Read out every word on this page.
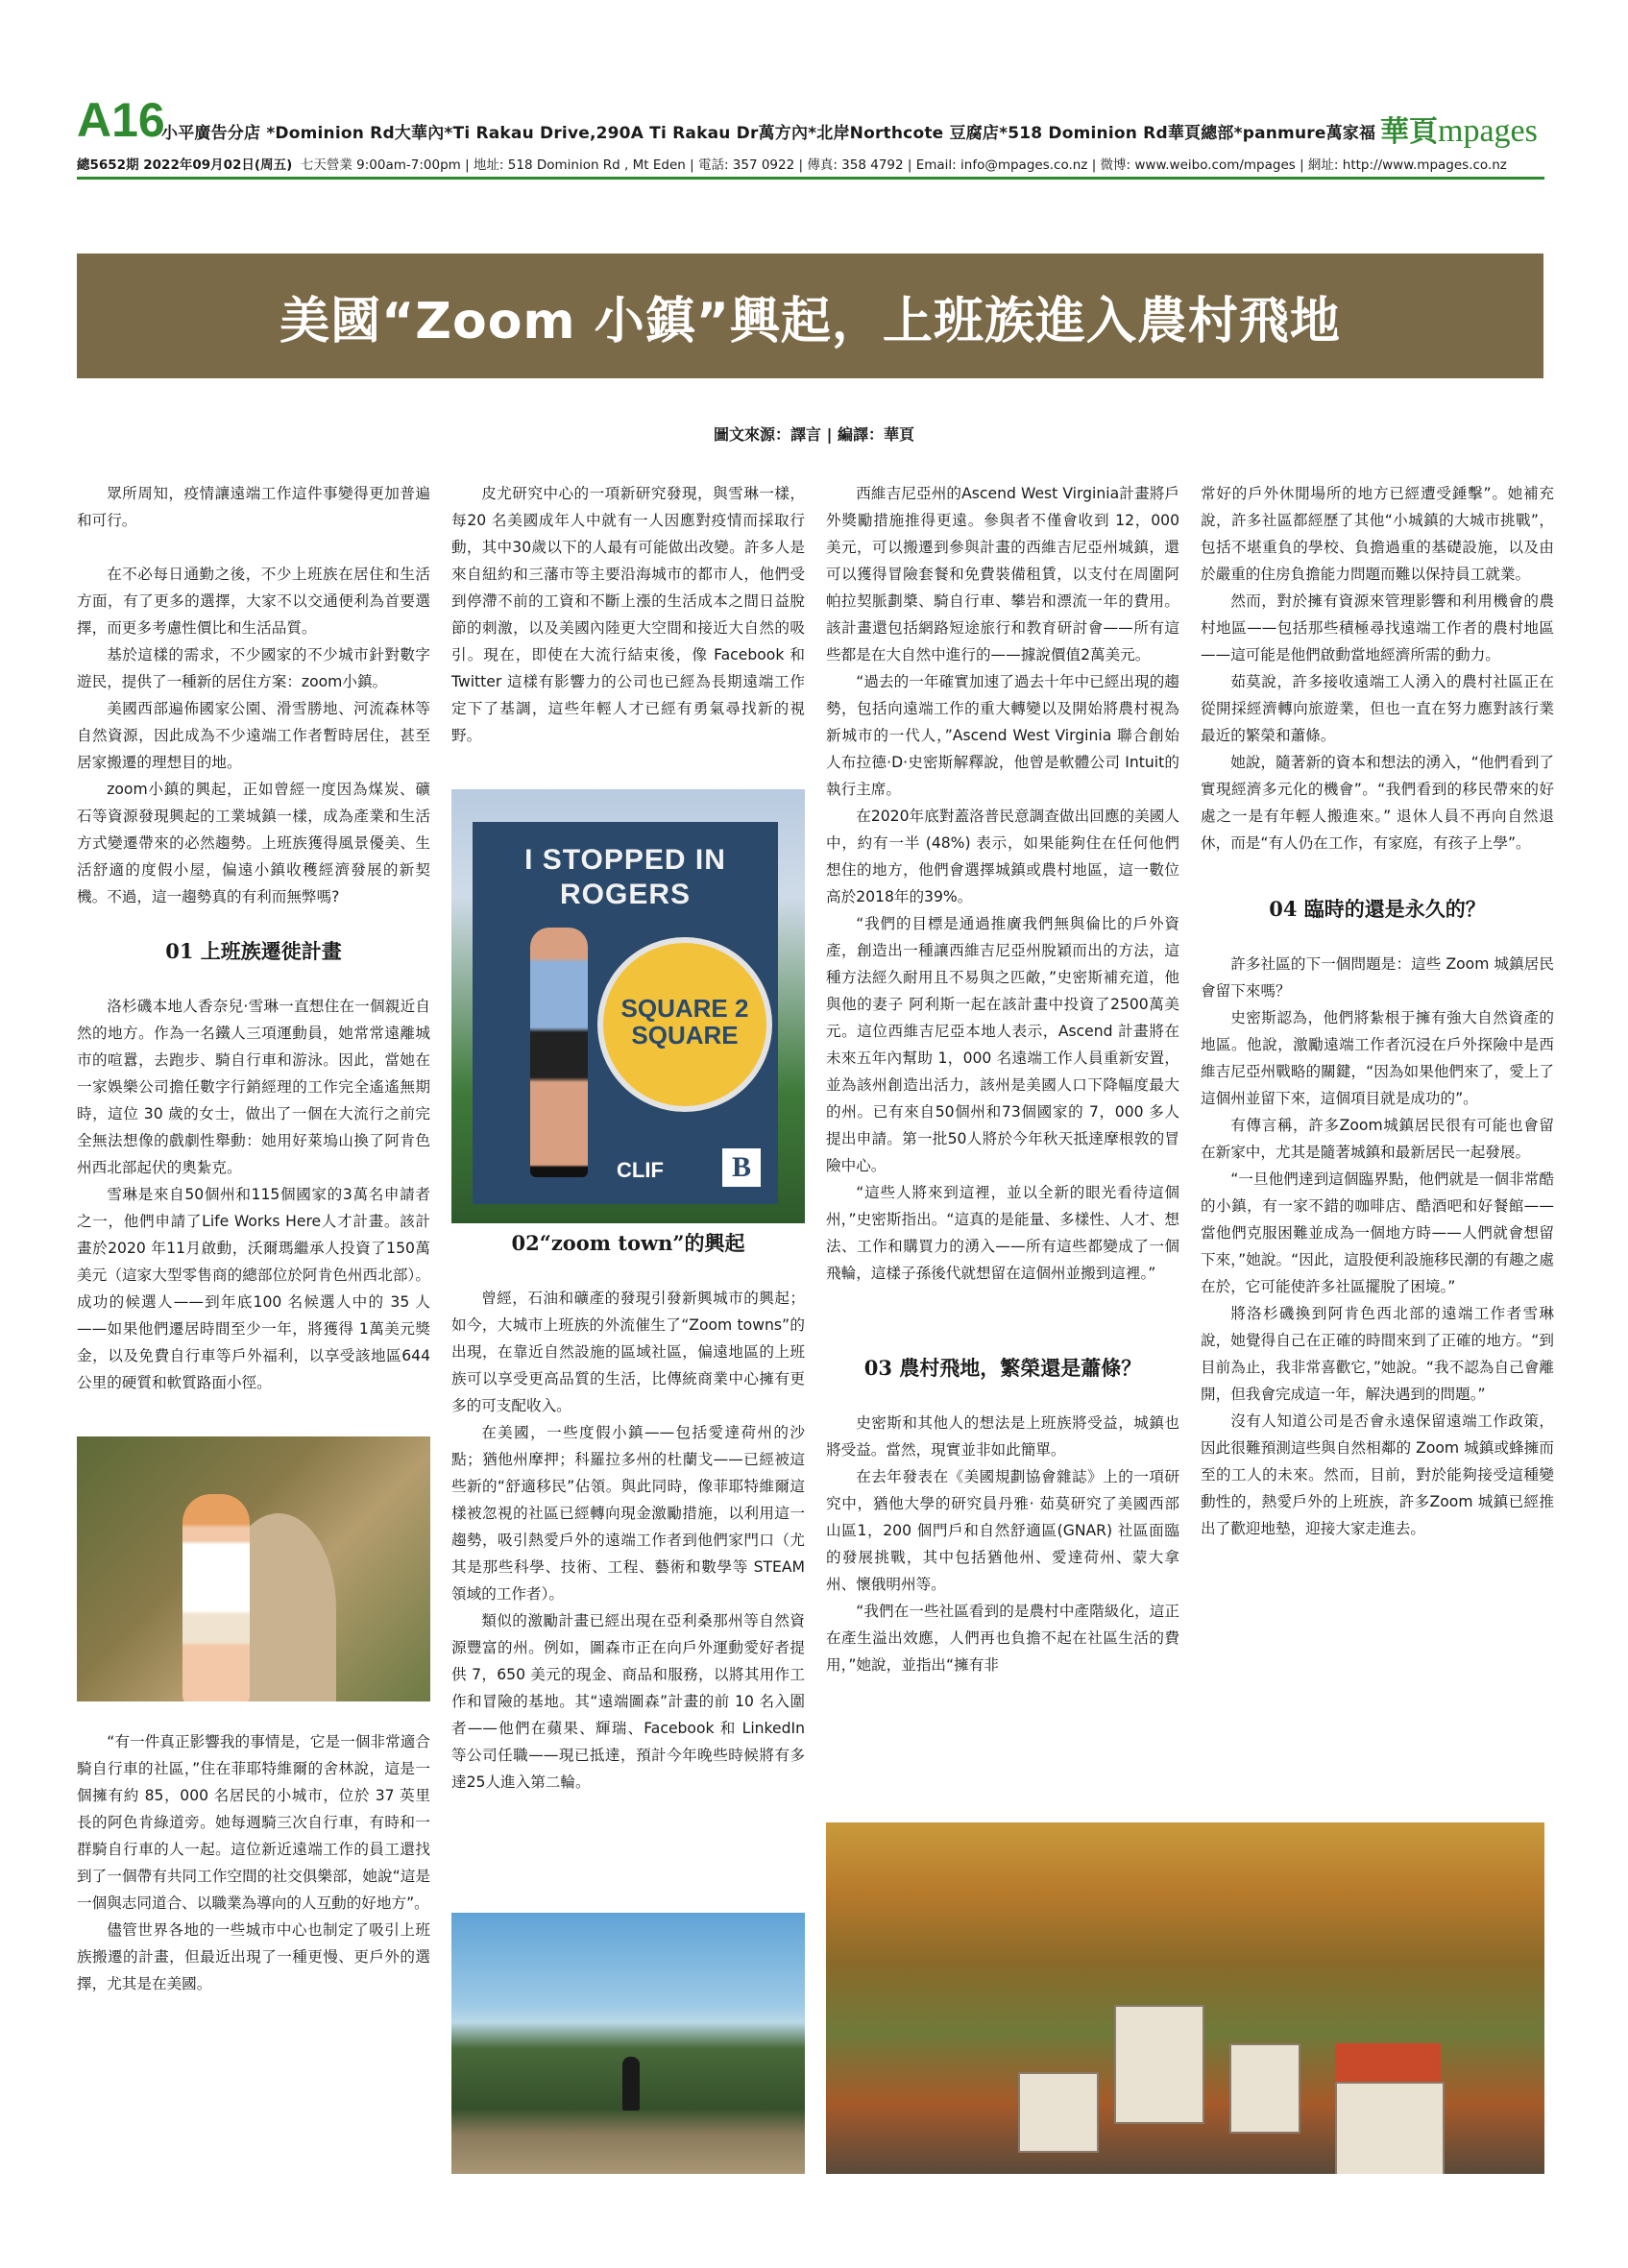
A16
小平廣告分店 *Dominion Rd大華內*Ti Rakau Drive,290A Ti Rakau Dr萬方內*北岸Northcote 豆腐店*518 Dominion Rd華頁總部*panmure萬家福 華頁mpages
總5652期 2022年09月02日(周五) 七天營業 9:00am-7:00pm | 地址: 518 Dominion Rd , Mt Eden | 電話: 357 0922 | 傳真: 358 4792 | Email: info@mpages.co.nz | 微博: www.weibo.com/mpages | 網址: http://www.mpages.co.nz
美國“Zoom 小鎮”興起，上班族進入農村飛地
圖文來源：譯言 | 編譯：華頁

眾所周知，疫情讓遠端工作這件事變得更加普遍和可行。

在不必每日通勤之後，不少上班族在居住和生活方面，有了更多的選擇，大家不以交通便利為首要選擇，而更多考慮性價比和生活品質。

基於這樣的需求，不少國家的不少城市針對數字遊民，提供了一種新的居住方案：zoom小鎮。

美國西部遍佈國家公園、滑雪勝地、河流森林等自然資源，因此成為不少遠端工作者暫時居住，甚至居家搬遷的理想目的地。

zoom小鎮的興起，正如曾經一度因為煤炭、礦石等資源發現興起的工業城鎮一樣，成為產業和生活方式變遷帶來的必然趨勢。上班族獲得風景優美、生活舒適的度假小屋，偏遠小鎮收穫經濟發展的新契機。不過，這一趨勢真的有利而無弊嗎?

01 上班族遷徙計畫

洛杉磯本地人香奈兒·雪琳一直想住在一個親近自然的地方。作為一名鐵人三項運動員，她常常遠離城市的喧囂，去跑步、騎自行車和游泳。因此，當她在一家娛樂公司擔任數字行銷經理的工作完全遙遙無期時，這位 30 歲的女士，做出了一個在大流行之前完全無法想像的戲劇性舉動：她用好萊塢山換了阿肯色州西北部起伏的奧紮克。

雪琳是來自50個州和115個國家的3萬名申請者之一，他們申請了Life Works Here人才計畫。該計畫於2020 年11月啟動，沃爾瑪繼承人投資了150萬美元（這家大型零售商的總部位於阿肯色州西北部）。成功的候選人——到年底100 名候選人中的 35 人——如果他們遷居時間至少一年，將獲得 1萬美元獎金，以及免費自行車等戶外福利，以享受該地區644公里的硬質和軟質路面小徑。

“有一件真正影響我的事情是，它是一個非常適合騎自行車的社區，”住在菲耶特維爾的舍林說，這是一個擁有約 85，000 名居民的小城市，位於 37 英里長的阿色肯綠道旁。她每週騎三次自行車，有時和一群騎自行車的人一起。這位新近遠端工作的員工還找到了一個帶有共同工作空間的社交俱樂部，她說“這是一個與志同道合、以職業為導向的人互動的好地方”。

儘管世界各地的一些城市中心也制定了吸引上班族搬遷的計畫，但最近出現了一種更慢、更戶外的選擇，尤其是在美國。

皮尤研究中心的一項新研究發現，與雪琳一樣，每20 名美國成年人中就有一人因應對疫情而採取行動，其中30歲以下的人最有可能做出改變。許多人是來自紐約和三藩市等主要沿海城市的都市人，他們受到停滯不前的工資和不斷上漲的生活成本之間日益脫節的刺激，以及美國內陸更大空間和接近大自然的吸引。現在，即使在大流行結束後，像 Facebook 和 Twitter 這樣有影響力的公司也已經為長期遠端工作定下了基調，這些年輕人才已經有勇氣尋找新的視野。

I STOPPED IN ROGERS
SQUARE 2 SQUARE
CLIF	B
02“zoom town”的興起

曾經，石油和礦產的發現引發新興城市的興起；如今，大城市上班族的外流催生了“Zoom towns”的出現，在靠近自然設施的區域社區，偏遠地區的上班族可以享受更高品質的生活，比傳統商業中心擁有更多的可支配收入。

在美國，一些度假小鎮——包括愛達荷州的沙點；猶他州摩押；科羅拉多州的杜蘭戈——已經被這些新的“舒適移民”佔領。與此同時，像菲耶特維爾這樣被忽視的社區已經轉向現金激勵措施，以利用這一趨勢，吸引熱愛戶外的遠端工作者到他們家門口（尤其是那些科學、技術、工程、藝術和數學等 STEAM 領域的工作者）。

類似的激勵計畫已經出現在亞利桑那州等自然資源豐富的州。例如，圖森市正在向戶外運動愛好者提供 7，650 美元的現金、商品和服務，以將其用作工作和冒險的基地。其“遠端圖森”計畫的前 10 名入圍者——他們在蘋果、輝瑞、Facebook 和 LinkedIn 等公司任職——現已抵達，預計今年晚些時候將有多達25人進入第二輪。

西維吉尼亞州的Ascend West Virginia計畫將戶外獎勵措施推得更遠。參與者不僅會收到 12，000 美元，可以搬遷到參與計畫的西維吉尼亞州城鎮，還可以獲得冒險套餐和免費裝備租賃，以支付在周圍阿帕拉契脈劃槳、騎自行車、攀岩和漂流一年的費用。該計畫還包括網路短途旅行和教育研討會——所有這些都是在大自然中進行的——據說價值2萬美元。

“過去的一年確實加速了過去十年中已經出現的趨勢，包括向遠端工作的重大轉變以及開始將農村視為新城市的一代人，”Ascend West Virginia 聯合創始人布拉德·D·史密斯解釋說，他曾是軟體公司 Intuit的執行主席。

在2020年底對蓋洛普民意調查做出回應的美國人中，約有一半 (48%) 表示，如果能夠住在任何他們想住的地方，他們會選擇城鎮或農村地區，這一數位高於2018年的39%。

“我們的目標是通過推廣我們無與倫比的戶外資產，創造出一種讓西維吉尼亞州脫穎而出的方法，這種方法經久耐用且不易與之匹敵，”史密斯補充道，他與他的妻子 阿利斯一起在該計畫中投資了2500萬美元。這位西維吉尼亞本地人表示，Ascend 計畫將在未來五年內幫助 1，000 名遠端工作人員重新安置，並為該州創造出活力，該州是美國人口下降幅度最大的州。已有來自50個州和73個國家的 7，000 多人提出申請。第一批50人將於今年秋天抵達摩根敦的冒險中心。

“這些人將來到這裡，並以全新的眼光看待這個州，”史密斯指出。“這真的是能量、多樣性、人才、想法、工作和購買力的湧入——所有這些都變成了一個飛輪，這樣子孫後代就想留在這個州並搬到這裡。”

03 農村飛地，繁榮還是蕭條？

史密斯和其他人的想法是上班族將受益，城鎮也將受益。當然，現實並非如此簡單。

在去年發表在《美國規劃協會雜誌》上的一項研究中，猶他大學的研究員丹雅· 茹莫研究了美國西部山區1，200 個門戶和自然舒適區(GNAR) 社區面臨的發展挑戰，其中包括猶他州、愛達荷州、蒙大拿州、懷俄明州等。

“我們在一些社區看到的是農村中產階級化，這正在產生溢出效應，人們再也負擔不起在社區生活的費用，”她說，並指出“擁有非

常好的戶外休閒場所的地方已經遭受錘擊”。她補充說，許多社區都經歷了其他“小城鎮的大城市挑戰”，包括不堪重負的學校、負擔過重的基礎設施，以及由於嚴重的住房負擔能力問題而難以保持員工就業。

然而，對於擁有資源來管理影響和利用機會的農村地區——包括那些積極尋找遠端工作者的農村地區——這可能是他們啟動當地經濟所需的動力。

茹莫說，許多接收遠端工人湧入的農村社區正在從開採經濟轉向旅遊業，但也一直在努力應對該行業最近的繁榮和蕭條。

她說，隨著新的資本和想法的湧入，“他們看到了實現經濟多元化的機會”。“我們看到的移民帶來的好處之一是有年輕人搬進來。” 退休人員不再向自然退休，而是“有人仍在工作，有家庭，有孩子上學”。

04 臨時的還是永久的？

許多社區的下一個問題是：這些 Zoom 城鎮居民會留下來嗎？

史密斯認為，他們將紮根于擁有強大自然資產的地區。他說，激勵遠端工作者沉浸在戶外探險中是西維吉尼亞州戰略的關鍵，“因為如果他們來了，愛上了這個州並留下來，這個項目就是成功的”。

有傳言稱，許多Zoom城鎮居民很有可能也會留在新家中，尤其是隨著城鎮和最新居民一起發展。

“一旦他們達到這個臨界點，他們就是一個非常酷的小鎮，有一家不錯的咖啡店、酷酒吧和好餐館——當他們克服困難並成為一個地方時——人們就會想留下來，”她說。“因此，這股便利設施移民潮的有趣之處在於，它可能使許多社區擺脫了困境。”

將洛杉磯換到阿肯色西北部的遠端工作者雪琳說，她覺得自己在正確的時間來到了正確的地方。“到目前為止，我非常喜歡它，”她說。“我不認為自己會離開，但我會完成這一年，解決遇到的問題。”

沒有人知道公司是否會永遠保留遠端工作政策，因此很難預測這些與自然相鄰的 Zoom 城鎮或蜂擁而至的工人的未來。然而，目前，對於能夠接受這種變動性的，熱愛戶外的上班族，許多Zoom 城鎮已經推出了歡迎地墊，迎接大家走進去。
